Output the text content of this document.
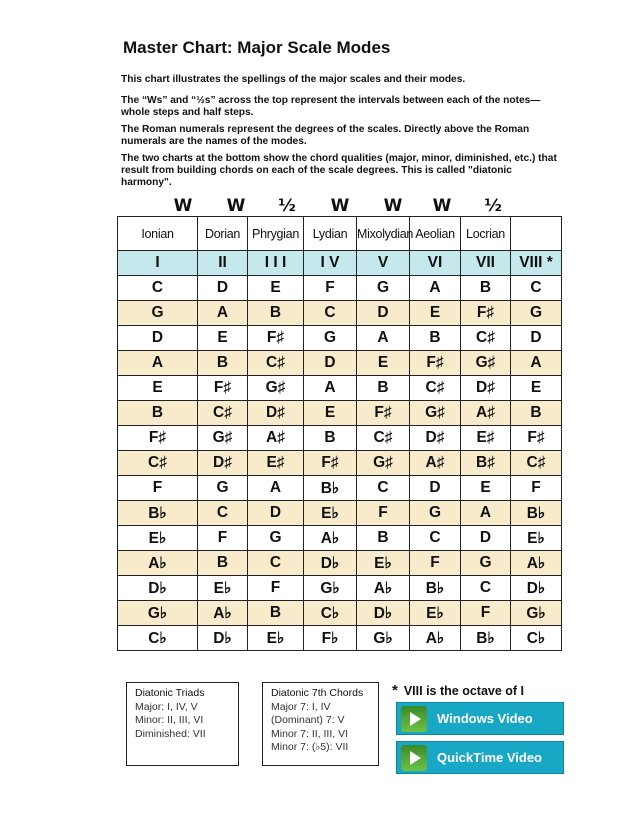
Master Chart: Major Scale Modes

This chart illustrates the spellings of the major scales and their modes.

The “Ws” and “½s” across the top represent the intervals between each of the notes—whole steps and half steps.

The Roman numerals represent the degrees of the scales. Directly above the Roman numerals are the names of the modes.

The two charts at the bottom show the chord qualities (major, minor, diminished, etc.) that result from building chords on each of the scale degrees. This is called "diatonic harmony".

W W ½ W W W ½
Ionian	Dorian	Phrygian	Lydian	Mixolydian	Aeolian	Locrian	
I	II	I I I	I V	V	VI	VII	VIII *
C	D	E	F	G	A	B	C
G	A	B	C	D	E	F♯	G
D	E	F♯	G	A	B	C♯	D
A	B	C♯	D	E	F♯	G♯	A
E	F♯	G♯	A	B	C♯	D♯	E
B	C♯	D♯	E	F♯	G♯	A♯	B
F♯	G♯	A♯	B	C♯	D♯	E♯	F♯
C♯	D♯	E♯	F♯	G♯	A♯	B♯	C♯
F	G	A	B♭	C	D	E	F
B♭	C	D	E♭	F	G	A	B♭
E♭	F	G	A♭	B	C	D	E♭
A♭	B	C	D♭	E♭	F	G	A♭
D♭	E♭	F	G♭	A♭	B♭	C	D♭
G♭	A♭	B	C♭	D♭	E♭	F	G♭
C♭	D♭	E♭	F♭	G♭	A♭	B♭	C♭
Diatonic Triads
Major: I, IV, V
Minor: II, III, VI
Diminished: VII
Diatonic 7th Chords
Major 7: I, IV
(Dominant) 7: V
Minor 7: II, III, VI
Minor 7: (♭5): VII
* VIII is the octave of I
Windows Video
QuickTime Video
